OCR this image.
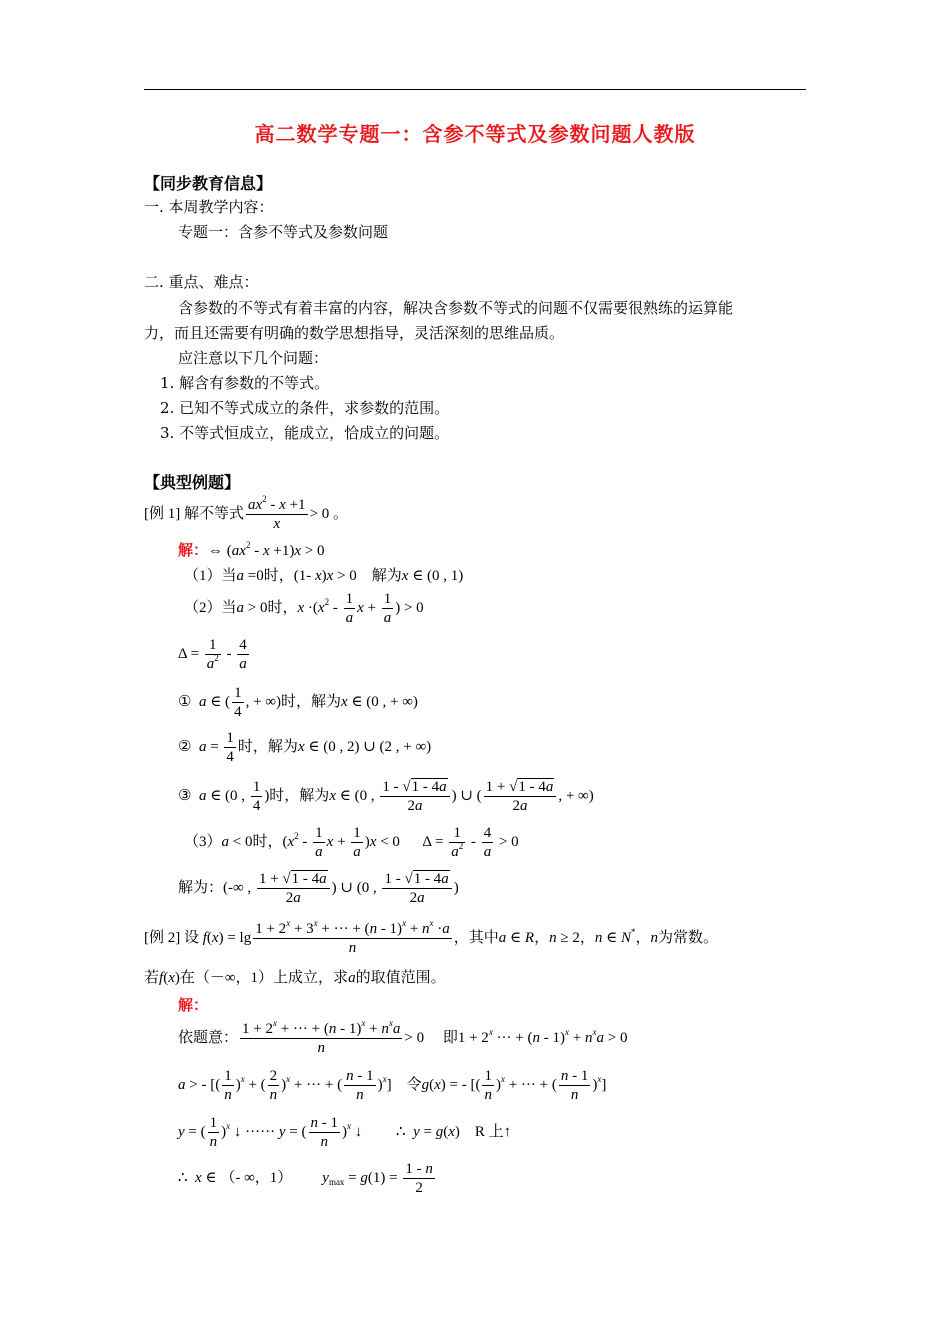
高二数学专题一：含参不等式及参数问题人教版
【同步教育信息】
一. 本周教学内容：
专题一：含参不等式及参数问题
二. 重点、难点：
含参数的不等式有着丰富的内容，解决含参数不等式的问题不仅需要很熟练的运算能
力，而且还需要有明确的数学思想指导，灵活深刻的思维品质。
应注意以下几个问题：
1. 解含有参数的不等式。
2. 已知不等式成立的条件，求参数的范围。
3. 不等式恒成立，能成立，恰成立的问题。
【典型例题】
[例 1] 解不等式 $\frac{ax^2 - x +1}{x} > 0$ 。
解：⇔ $(ax^2 - x +1)x > 0$
（1）当a =0时，(1- x)x > 0    解为x ∈ (0 , 1)
（2）当a > 0时，$x \cdot(x^2 - \frac{1}{a}$ $x + \frac{1}{a}$ ) > 0
$\Delta = \frac{1}{a^2} - \frac{4}{a}$
①  a ∈ ( $\frac{1}{4}$ , + ∞)时，解为x ∈ (0 , + ∞)
②  $a = \frac{1}{4}$ 时，解为x ∈ (0 , 2) ∪ (2 , + ∞)
③  a ∈ (0 , $\frac{1}{4}$ )时，解为x ∈ (0 , $\frac{1 - √1 - 4a}{2a}$ ) ∪ ( $\frac{1 + √1 - 4a}{2a}$ , + ∞)
（3）a < 0时，($x^2 - \frac{1}{a}$ $x + \frac{1}{a} )x < 0$      $\Delta = \frac{1}{a^2} - \frac{4}{a} > 0$
解为：(-∞ , $\frac{1 + √1 - 4a}{2a}$ ) ∪ (0 , $\frac{1 - √1 - 4a}{2a}$ )
[例 2] 设 $f(x) = \lg \frac{1 + 2^x + 3^x + \cdot\cdot\cdot + (n - 1)^x + n^x \cdot a}{n}$ ，其中a ∈ R，n ≥ 2，n ∈ N*，n为常数。
若f(x)在（－∞，1）上成立，求a的取值范围。
解：
依题意： $\frac{1 + 2^x + \cdot\cdot\cdot + (n - 1)^x + n^xa}{n} > 0$     即$1 + 2^x$ ··· + $(n - 1)^x + n^xa > 0$
a > - [( $\frac{1}{n} )^x$ + ( $\frac{2}{n} )^x$ + ··· + ( $\frac{n - 1}{n} )^x$]    令g(x) = - [( $\frac{1}{n} )^x$ + ··· + ( $\frac{n - 1}{n} )^x$]
y = ( $\frac{1}{n} )^x$ ↓ ······ y = ( $\frac{n - 1}{n} )^x$ ↓         ∴  y = g(x)    R 上↑
∴  x ∈ （- ∞，1）        $y_{max} = g(1) = \frac{1 - n}{2}$
